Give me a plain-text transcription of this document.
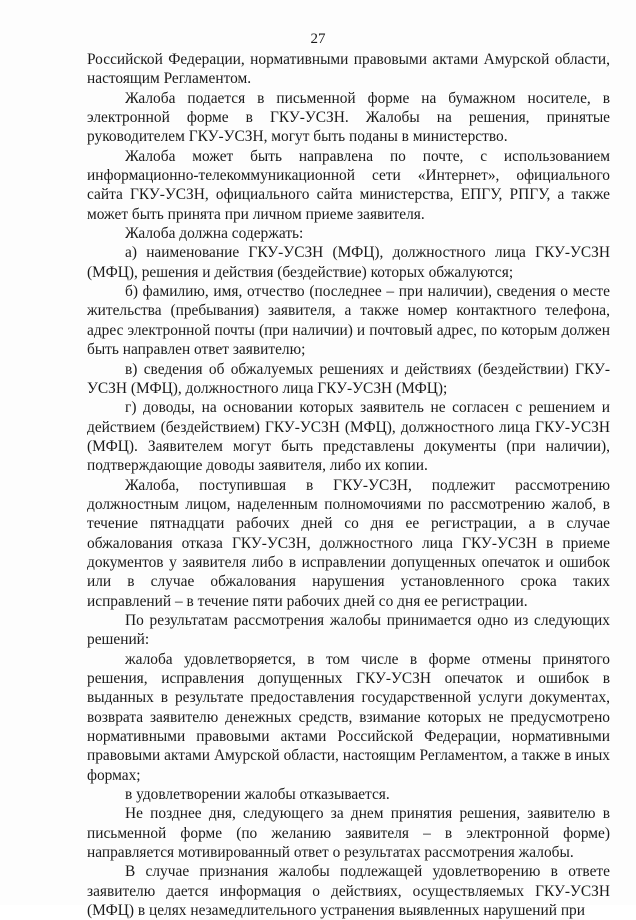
27

Российской Федерации, нормативными правовыми актами Амурской области, настоящим Регламентом.

Жалоба подается в письменной форме на бумажном носителе, в электронной форме в ГКУ-УСЗН. Жалобы на решения, принятые руководителем ГКУ-УСЗН, могут быть поданы в министерство.

Жалоба может быть направлена по почте, с использованием информационно-телекоммуникационной сети «Интернет», официального сайта ГКУ-УСЗН, официального сайта министерства, ЕПГУ, РПГУ, а также может быть принята при личном приеме заявителя.

Жалоба должна содержать:

а) наименование ГКУ-УСЗН (МФЦ), должностного лица ГКУ-УСЗН (МФЦ), решения и действия (бездействие) которых обжалуются;

б) фамилию, имя, отчество (последнее – при наличии), сведения о месте жительства (пребывания) заявителя, а также номер контактного телефона, адрес электронной почты (при наличии) и почтовый адрес, по которым должен быть направлен ответ заявителю;

в) сведения об обжалуемых решениях и действиях (бездействии) ГКУ-УСЗН (МФЦ), должностного лица ГКУ-УСЗН (МФЦ);

г) доводы, на основании которых заявитель не согласен с решением и действием (бездействием) ГКУ-УСЗН (МФЦ), должностного лица ГКУ-УСЗН (МФЦ). Заявителем могут быть представлены документы (при наличии), подтверждающие доводы заявителя, либо их копии.

Жалоба, поступившая в ГКУ-УСЗН, подлежит рассмотрению должностным лицом, наделенным полномочиями по рассмотрению жалоб, в течение пятнадцати рабочих дней со дня ее регистрации, а в случае обжалования отказа ГКУ-УСЗН, должностного лица ГКУ-УСЗН в приеме документов у заявителя либо в исправлении допущенных опечаток и ошибок или в случае обжалования нарушения установленного срока таких исправлений – в течение пяти рабочих дней со дня ее регистрации.

По результатам рассмотрения жалобы принимается одно из следующих решений:

жалоба удовлетворяется, в том числе в форме отмены принятого решения, исправления допущенных ГКУ-УСЗН опечаток и ошибок в выданных в результате предоставления государственной услуги документах, возврата заявителю денежных средств, взимание которых не предусмотрено нормативными правовыми актами Российской Федерации, нормативными правовыми актами Амурской области, настоящим Регламентом, а также в иных формах;

в удовлетворении жалобы отказывается.

Не позднее дня, следующего за днем принятия решения, заявителю в письменной форме (по желанию заявителя – в электронной форме) направляется мотивированный ответ о результатах рассмотрения жалобы.

В случае признания жалобы подлежащей удовлетворению в ответе заявителю дается информация о действиях, осуществляемых ГКУ-УСЗН (МФЦ) в целях незамедлительного устранения выявленных нарушений при
